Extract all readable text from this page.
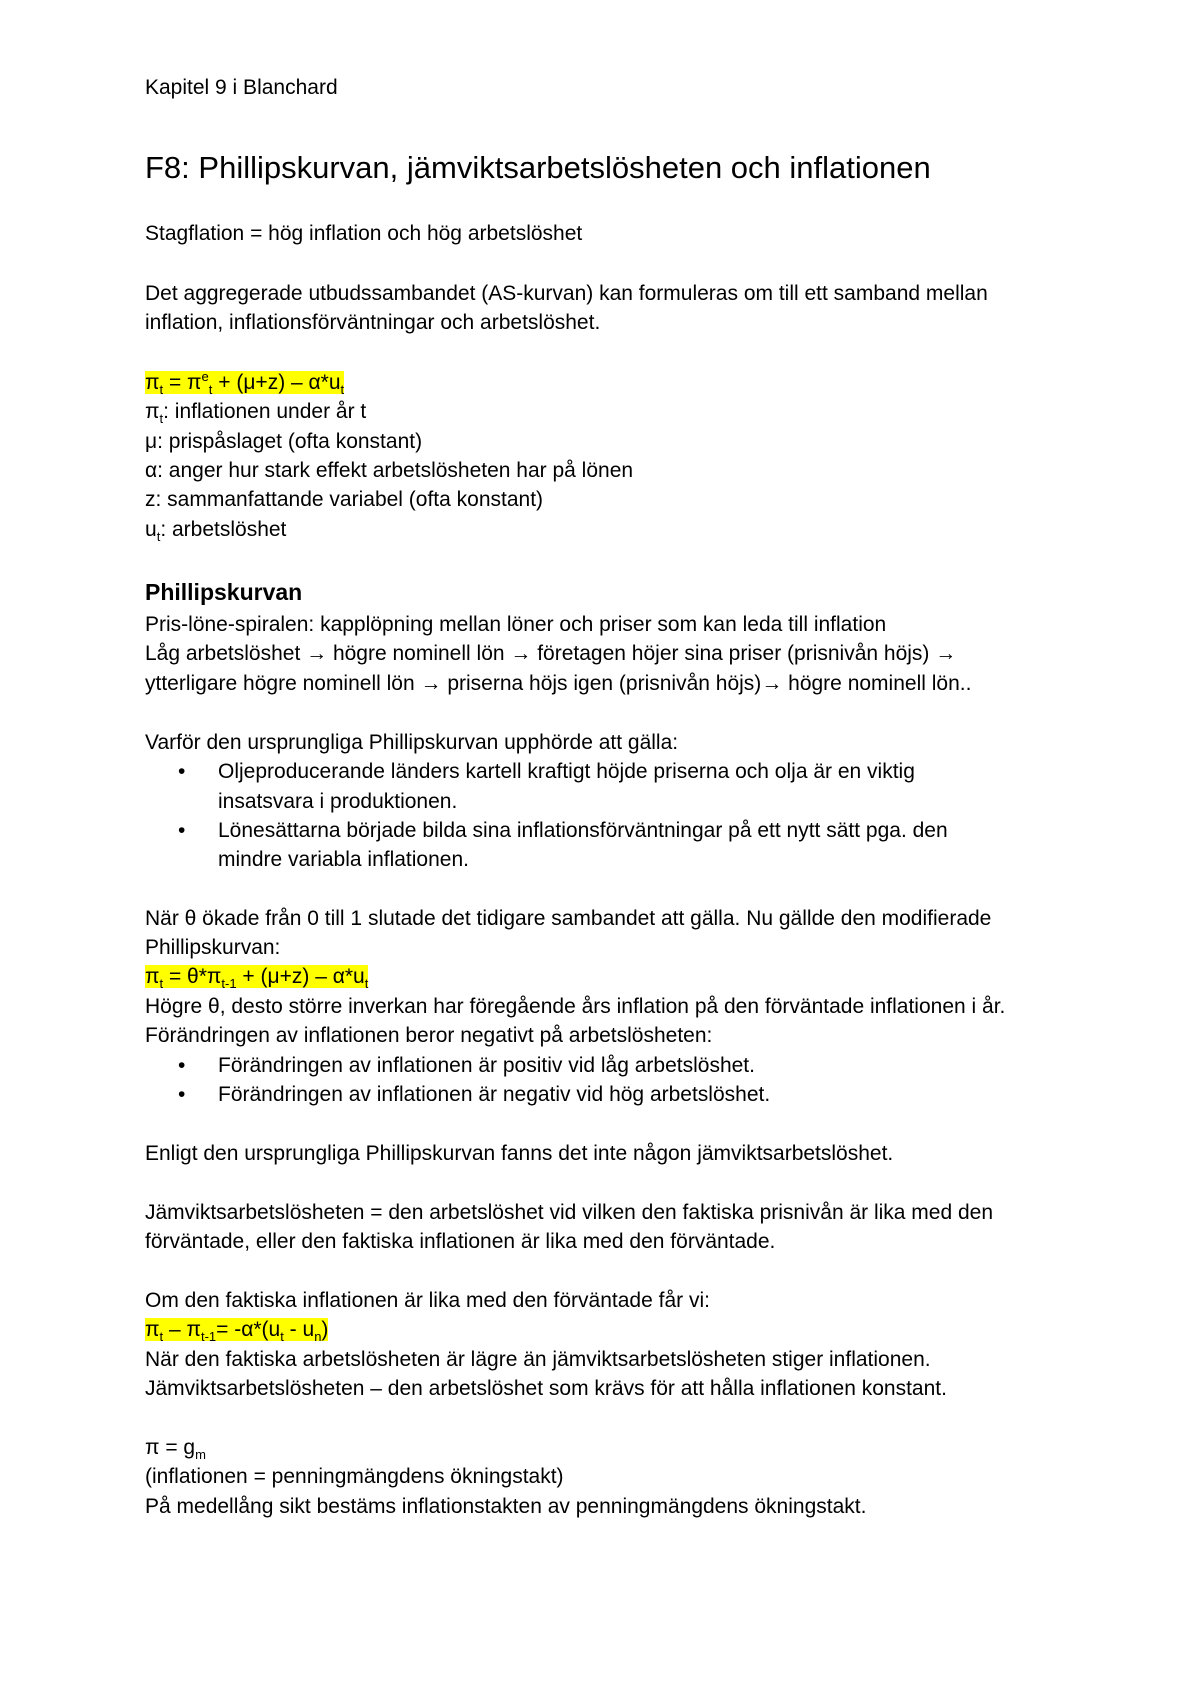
Kapitel 9 i Blanchard
F8: Phillipskurvan, jämviktsarbetslösheten och inflationen
Stagflation = hög inflation och hög arbetslöshet
Det aggregerade utbudssambandet (AS-kurvan) kan formuleras om till ett samband mellan
inflation, inflationsförväntningar och arbetslöshet.
$\pi_t = \pi^e_t + (\mu+z) - \alpha*u_t$
$\pi_t$: inflationen under år t
μ: prispåslaget (ofta konstant)
α: anger hur stark effekt arbetslösheten har på lönen
z: sammanfattande variabel (ofta konstant)
$u_t$: arbetslöshet
Phillipskurvan
Pris-löne-spiralen: kapplöpning mellan löner och priser som kan leda till inflation
Låg arbetslöshet → högre nominell lön → företagen höjer sina priser (prisnivån höjs) →
ytterligare högre nominell lön → priserna höjs igen (prisnivån höjs)→ högre nominell lön..
Varför den ursprungliga Phillipskurvan upphörde att gälla:
• Oljeproducerande länders kartell kraftigt höjde priserna och olja är en viktig
insatsvara i produktionen.
• Lönesättarna började bilda sina inflationsförväntningar på ett nytt sätt pga. den
mindre variabla inflationen.
När θ ökade från 0 till 1 slutade det tidigare sambandet att gälla. Nu gällde den modifierade
Phillipskurvan:
$\pi_t = \theta*\pi_{t-1} + (\mu+z) - \alpha*u_t$
Högre θ, desto större inverkan har föregående års inflation på den förväntade inflationen i år.
Förändringen av inflationen beror negativt på arbetslösheten:
• Förändringen av inflationen är positiv vid låg arbetslöshet.
• Förändringen av inflationen är negativ vid hög arbetslöshet.
Enligt den ursprungliga Phillipskurvan fanns det inte någon jämviktsarbetslöshet.
Jämviktsarbetslösheten = den arbetslöshet vid vilken den faktiska prisnivån är lika med den
förväntade, eller den faktiska inflationen är lika med den förväntade.
Om den faktiska inflationen är lika med den förväntade får vi:
$\pi_t - \pi_{t-1}= -\alpha*(u_t - u_n)$
När den faktiska arbetslösheten är lägre än jämviktsarbetslösheten stiger inflationen.
Jämviktsarbetslösheten – den arbetslöshet som krävs för att hålla inflationen konstant.
$\pi = g_m$
(inflationen = penningmängdens ökningstakt)
På medellång sikt bestäms inflationstakten av penningmängdens ökningstakt.
